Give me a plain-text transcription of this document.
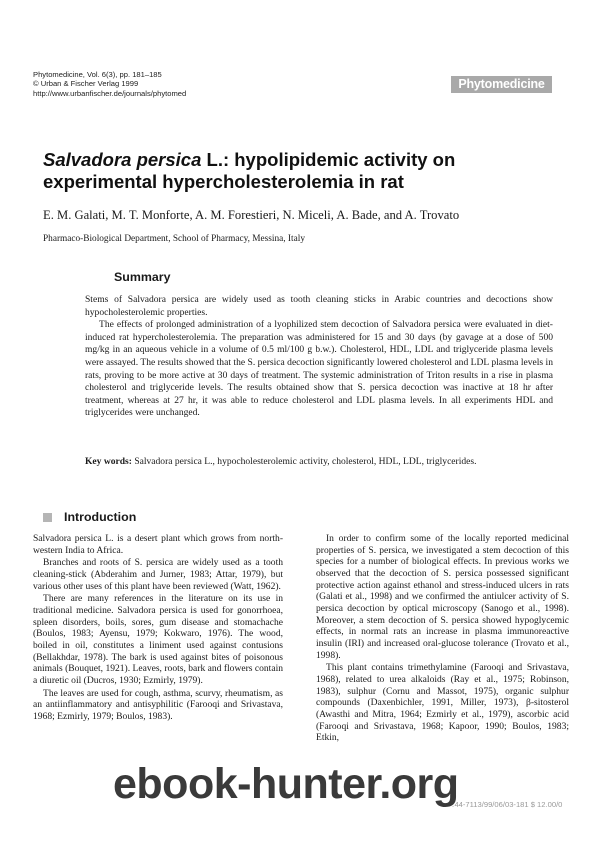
Phytomedicine, Vol. 6(3), pp. 181–185
© Urban & Fischer Verlag 1999
http://www.urbanfischer.de/journals/phytomed
Phytomedicine
Salvadora persica L.: hypolipidemic activity on experimental hypercholesterolemia in rat
E. M. Galati, M. T. Monforte, A. M. Forestieri, N. Miceli, A. Bade, and A. Trovato
Pharmaco-Biological Department, School of Pharmacy, Messina, Italy
Summary

Stems of Salvadora persica are widely used as tooth cleaning sticks in Arabic countries and decoctions show hypocholesterolemic properties.

The effects of prolonged administration of a lyophilized stem decoction of Salvadora persica were evaluated in diet-induced rat hypercholesterolemia. The preparation was administered for 15 and 30 days (by gavage at a dose of 500 mg/kg in an aqueous vehicle in a volume of 0.5 ml/100 g b.w.). Cholesterol, HDL, LDL and triglyceride plasma levels were assayed. The results showed that the S. persica decoction significantly lowered cholesterol and LDL plasma levels in rats, proving to be more active at 30 days of treatment. The systemic administration of Triton results in a rise in plasma cholesterol and triglyceride levels. The results obtained show that S. persica decoction was inactive at 18 hr after treatment, whereas at 27 hr, it was able to reduce cholesterol and LDL plasma levels. In all experiments HDL and triglycerides were unchanged.

Key words: Salvadora persica L., hypocholesterolemic activity, cholesterol, HDL, LDL, triglycerides.
Introduction

Salvadora persica L. is a desert plant which grows from north-western India to Africa.

Branches and roots of S. persica are widely used as a tooth cleaning-stick (Abderahim and Jurner, 1983; Attar, 1979), but various other uses of this plant have been reviewed (Watt, 1962).

There are many references in the literature on its use in traditional medicine. Salvadora persica is used for gonorrhoea, spleen disorders, boils, sores, gum disease and stomachache (Boulos, 1983; Ayensu, 1979; Kokwaro, 1976). The wood, boiled in oil, constitutes a liniment used against contusions (Bellakhdar, 1978). The bark is used against bites of poisonous animals (Bouquet, 1921). Leaves, roots, bark and flowers contain a diuretic oil (Ducros, 1930; Ezmirly, 1979).

The leaves are used for cough, asthma, scurvy, rheumatism, as an antiinflammatory and antisyphilitic (Farooqi and Srivastava, 1968; Ezmirly, 1979; Boulos, 1983).

In order to confirm some of the locally reported medicinal properties of S. persica, we investigated a stem decoction of this species for a number of biological effects. In previous works we observed that the decoction of S. persica possessed significant protective action against ethanol and stress-induced ulcers in rats (Galati et al., 1998) and we confirmed the antiulcer activity of S. persica decoction by optical microscopy (Sanogo et al., 1998). Moreover, a stem decoction of S. persica showed hypoglycemic effects, in normal rats an increase in plasma immunoreactive insulin (IRI) and increased oral-glucose tolerance (Trovato et al., 1998).

This plant contains trimethylamine (Farooqi and Srivastava, 1968), related to urea alkaloids (Ray et al., 1975; Robinson, 1983), sulphur (Cornu and Massot, 1975), organic sulphur compounds (Daxenbichler, 1991, Miller, 1973), β-sitosterol (Awasthi and Mitra, 1964; Ezmirly et al., 1979), ascorbic acid (Farooqi and Srivastava, 1968; Kapoor, 1990; Boulos, 1983; Etkin,

0944-7113/99/06/03-181 $ 12.00/0
ebook-hunter.org
